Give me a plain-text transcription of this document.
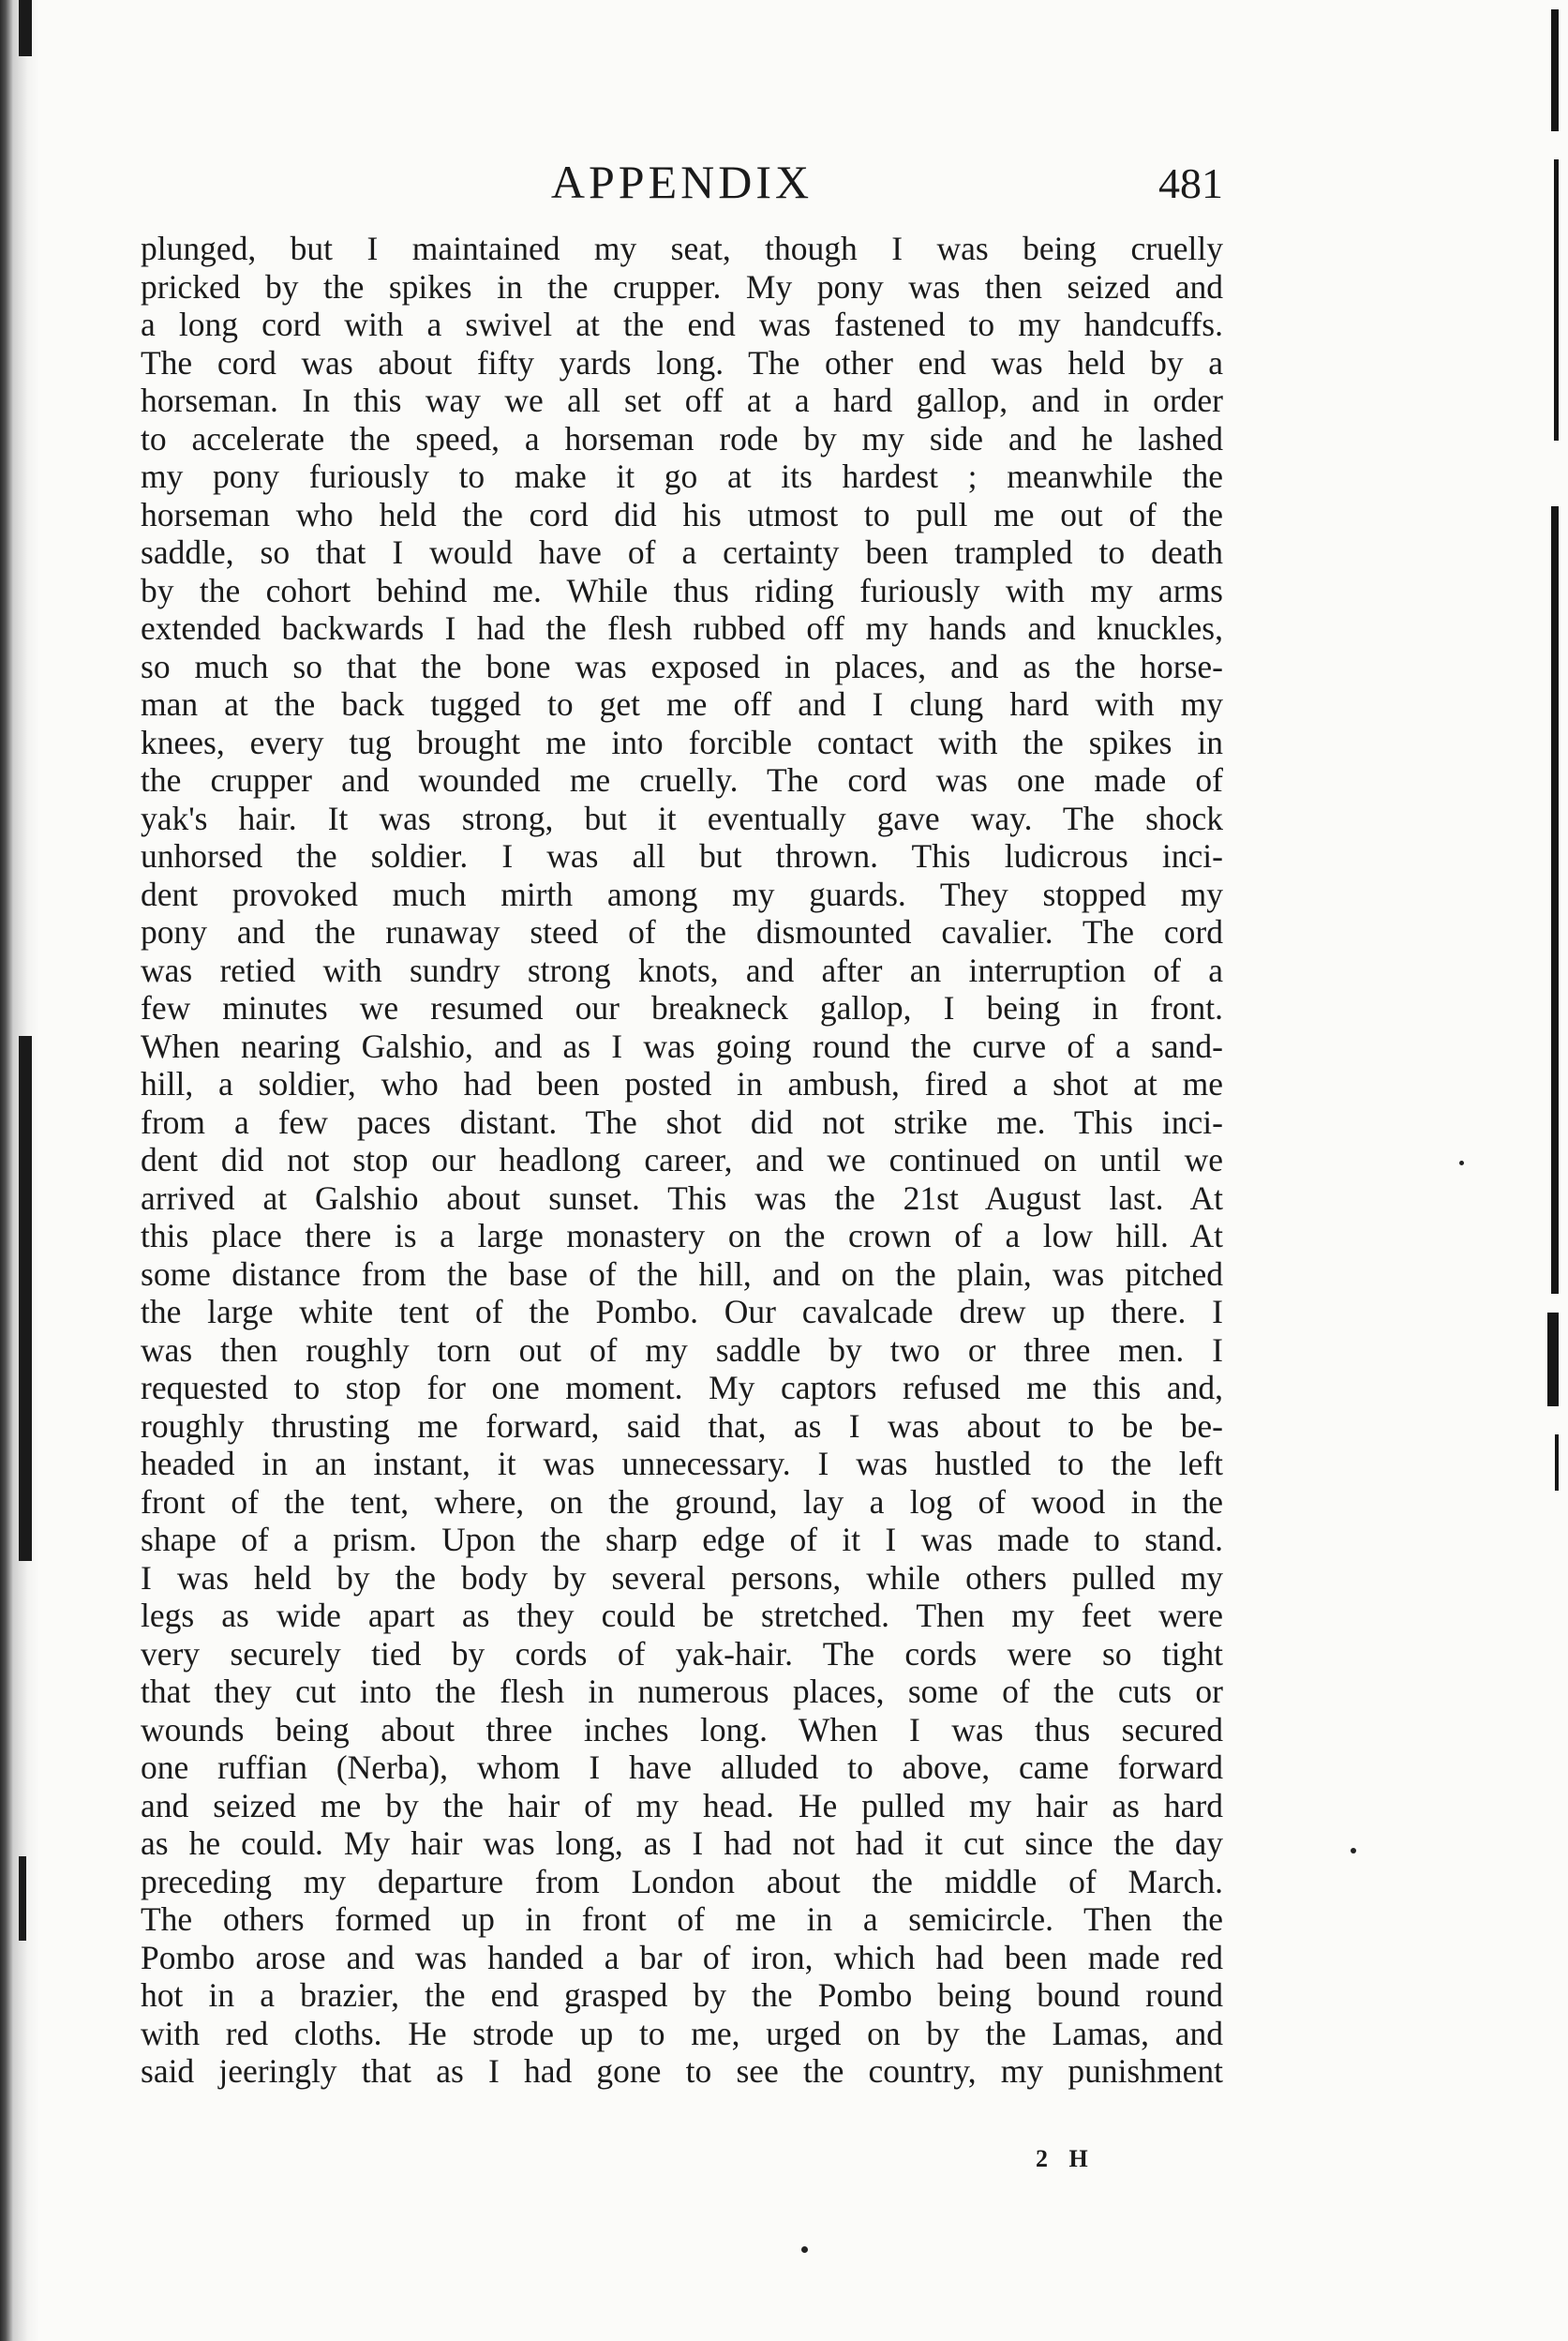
APPENDIX	481
plunged, but I maintained my seat, though I was being cruelly
pricked by the spikes in the crupper. My pony was then seized and
a long cord with a swivel at the end was fastened to my handcuffs.
The cord was about fifty yards long. The other end was held by a
horseman. In this way we all set off at a hard gallop, and in order
to accelerate the speed, a horseman rode by my side and he lashed
my pony furiously to make it go at its hardest ; meanwhile the
horseman who held the cord did his utmost to pull me out of the
saddle, so that I would have of a certainty been trampled to death
by the cohort behind me. While thus riding furiously with my arms
extended backwards I had the flesh rubbed off my hands and knuckles,
so much so that the bone was exposed in places, and as the horse-
man at the back tugged to get me off and I clung hard with my
knees, every tug brought me into forcible contact with the spikes in
the crupper and wounded me cruelly. The cord was one made of
yak's hair. It was strong, but it eventually gave way. The shock
unhorsed the soldier. I was all but thrown. This ludicrous inci-
dent provoked much mirth among my guards. They stopped my
pony and the runaway steed of the dismounted cavalier. The cord
was retied with sundry strong knots, and after an interruption of a
few minutes we resumed our breakneck gallop, I being in front.
When nearing Galshio, and as I was going round the curve of a sand-
hill, a soldier, who had been posted in ambush, fired a shot at me
from a few paces distant. The shot did not strike me. This inci-
dent did not stop our headlong career, and we continued on until we
arrived at Galshio about sunset. This was the 21st August last. At
this place there is a large monastery on the crown of a low hill. At
some distance from the base of the hill, and on the plain, was pitched
the large white tent of the Pombo. Our cavalcade drew up there. I
was then roughly torn out of my saddle by two or three men. I
requested to stop for one moment. My captors refused me this and,
roughly thrusting me forward, said that, as I was about to be be-
headed in an instant, it was unnecessary. I was hustled to the left
front of the tent, where, on the ground, lay a log of wood in the
shape of a prism. Upon the sharp edge of it I was made to stand.
I was held by the body by several persons, while others pulled my
legs as wide apart as they could be stretched. Then my feet were
very securely tied by cords of yak-hair. The cords were so tight
that they cut into the flesh in numerous places, some of the cuts or
wounds being about three inches long. When I was thus secured
one ruffian (Nerba), whom I have alluded to above, came forward
and seized me by the hair of my head. He pulled my hair as hard
as he could. My hair was long, as I had not had it cut since the day
preceding my departure from London about the middle of March.
The others formed up in front of me in a semicircle. Then the
Pombo arose and was handed a bar of iron, which had been made red
hot in a brazier, the end grasped by the Pombo being bound round
with red cloths. He strode up to me, urged on by the Lamas, and
said jeeringly that as I had gone to see the country, my punishment
2 H
